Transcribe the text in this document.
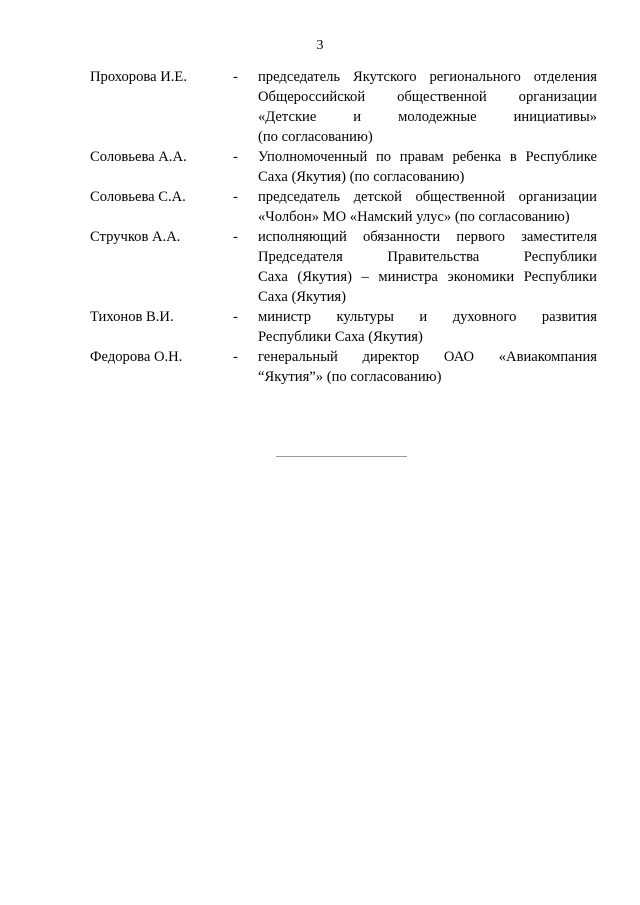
3
Прохорова И.Е.	-	председатель Якутского регионального отделения
Общероссийской общественной организации
«Детские	и	молодежные	инициативы»
(по согласованию)
Соловьева А.А.	-	Уполномоченный по правам ребенка в Республике
Саха (Якутия) (по согласованию)
Соловьева С.А.	-	председатель детской общественной организации
«Чолбон» МО «Намский улус» (по согласованию)
Стручков А.А.	-	исполняющий обязанности первого заместителя
Председателя	Правительства	Республики
Саха (Якутия) – министра экономики Республики
Саха (Якутия)
Тихонов В.И.	-	министр культуры и духовного развития
Республики Саха (Якутия)
Федорова О.Н.	-	генеральный директор ОАО «Авиакомпания
“Якутия”» (по согласованию)
